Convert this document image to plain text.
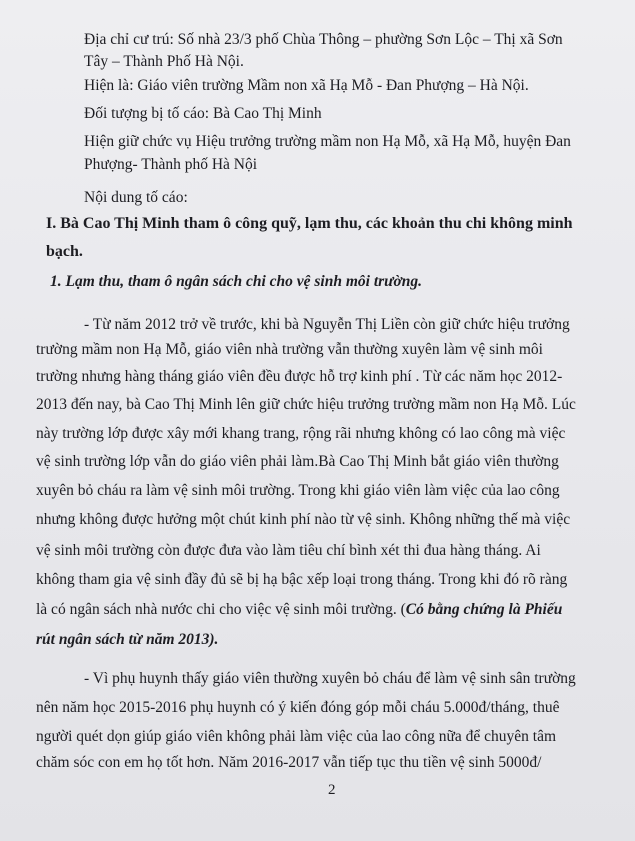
Địa chỉ cư trú: Số nhà 23/3 phố Chùa Thông – phường Sơn Lộc – Thị xã Sơn
Tây – Thành Phố Hà Nội.
Hiện là: Giáo viên trường Mầm non xã Hạ Mỗ - Đan Phượng – Hà Nội.
Đối tượng bị tố cáo: Bà Cao Thị Minh
Hiện giữ chức vụ Hiệu trưởng trường mầm non Hạ Mỗ, xã Hạ Mỗ, huyện Đan
Phượng- Thành phố Hà Nội
Nội dung tố cáo:
I. Bà Cao Thị Minh tham ô công quỹ, lạm thu, các khoản thu chi không minh
bạch.
1. Lạm thu, tham ô ngân sách chi cho vệ sinh môi trường.
- Từ năm 2012 trở về trước, khi bà Nguyễn Thị Liền còn giữ chức hiệu trưởng
trường mầm non Hạ Mỗ, giáo viên nhà trường vẫn thường xuyên làm vệ sinh môi
trường nhưng hàng tháng giáo viên đều được hỗ trợ kinh phí . Từ các năm học 2012-
2013 đến nay, bà Cao Thị Minh lên giữ chức hiệu trưởng trường mầm non Hạ Mỗ. Lúc
này trường lớp được xây mới khang trang, rộng rãi nhưng không có lao công mà việc
vệ sinh trường lớp vẫn do giáo viên phải làm.Bà Cao Thị Minh bắt giáo viên thường
xuyên bỏ cháu ra làm vệ sinh môi trường. Trong khi giáo viên làm việc của lao công
nhưng không được hưởng một chút kinh phí nào từ vệ sinh. Không những thế mà việc
vệ sinh môi trường còn được đưa vào làm tiêu chí bình xét thi đua hàng tháng. Ai
không tham gia vệ sinh đầy đủ sẽ bị hạ bậc xếp loại trong tháng. Trong khi đó rõ ràng
là có ngân sách nhà nước chi cho việc vệ sinh môi trường. (Có bằng chứng là Phiếu
rút ngân sách từ năm 2013).
- Vì phụ huynh thấy giáo viên thường xuyên bỏ cháu để làm vệ sinh sân trường
nên năm học 2015-2016 phụ huynh có ý kiến đóng góp mỗi cháu 5.000đ/tháng, thuê
người quét dọn giúp giáo viên không phải làm việc của lao công nữa để chuyên tâm
chăm sóc con em họ tốt hơn. Năm 2016-2017 vẫn tiếp tục thu tiền vệ sinh 5000đ/
2
